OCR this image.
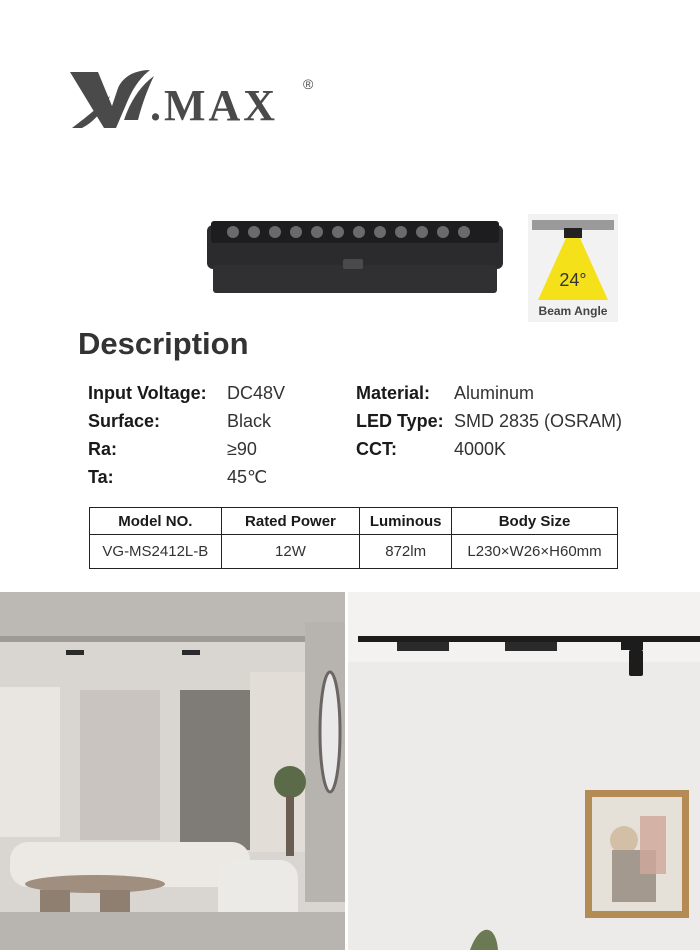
.MAX ®
24°
Beam Angle
Description
Input Voltage: DC48V
Surface:	Black
Ra:	≥90
Ta:	45℃
Material: Aluminum
LED Type: SMD 2835 (OSRAM)
CCT:	4000K
Model NO.	Rated Power	Luminous	Body Size
VG-MS2412L-B	12W	872lm	L230×W26×H60mm
